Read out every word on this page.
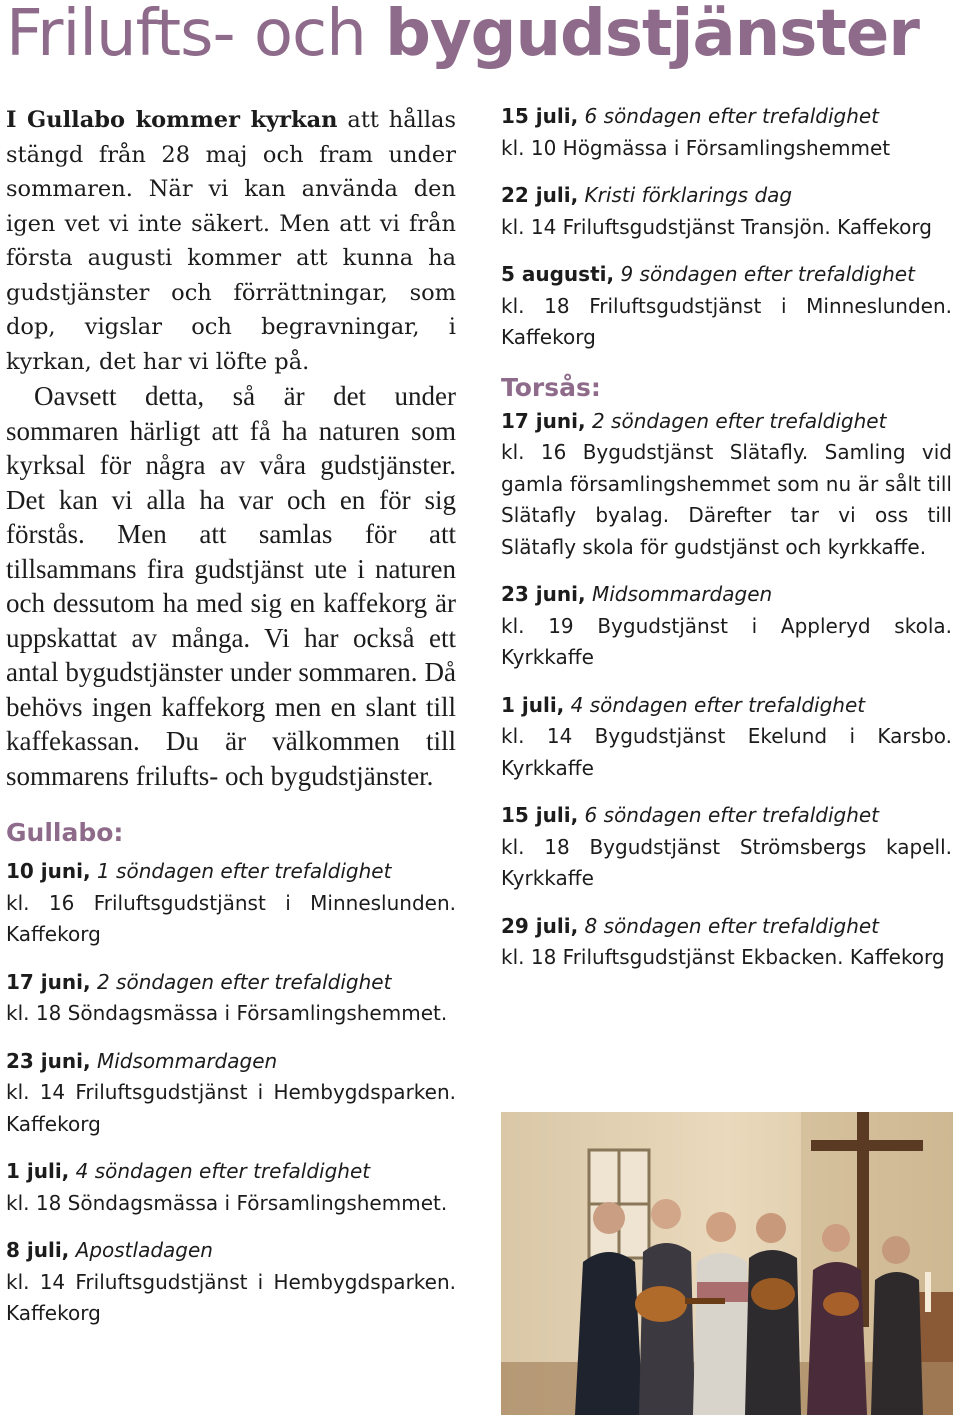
Frilufts- och bygudstjänster

I Gullabo kommer kyrkan att hållas stängd från 28 maj och fram under sommaren. När vi kan använda den igen vet vi inte säkert. Men att vi från första augusti kommer att kunna ha gudstjänster och förrättningar, som dop, vigslar och begravningar, i kyrkan, det har vi löfte på.

Oavsett detta, så är det under sommaren härligt att få ha naturen som kyrksal för några av våra gudstjänster. Det kan vi alla ha var och en för sig förstås. Men att samlas för att tillsammans fira gudstjänst ute i naturen och dessutom ha med sig en kaffekorg är uppskattat av många. Vi har också ett antal bygudstjänster under sommaren. Då behövs ingen kaffekorg men en slant till kaffekassan. Du är välkommen till sommarens frilufts- och bygudstjänster.

Gullabo:

10 juni, 1 söndagen efter trefaldighet

kl. 16 Friluftsgudstjänst i Minneslunden. Kaffekorg

17 juni, 2 söndagen efter trefaldighet

kl. 18 Söndagsmässa i Församlingshemmet.

23 juni, Midsommardagen

kl. 14 Friluftsgudstjänst i Hembygdsparken. Kaffekorg

1 juli, 4 söndagen efter trefaldighet

kl. 18 Söndagsmässa i Församlingshemmet.

8 juli, Apostladagen

kl. 14 Friluftsgudstjänst i Hembygdsparken. Kaffekorg

15 juli, 6 söndagen efter trefaldighet

kl. 10 Högmässa i Församlingshemmet

22 juli, Kristi förklarings dag

kl. 14 Friluftsgudstjänst Transjön. Kaffekorg

5 augusti, 9 söndagen efter trefaldighet

kl. 18 Friluftsgudstjänst i Minneslunden. Kaffekorg

Torsås:

17 juni, 2 söndagen efter trefaldighet

kl. 16 Bygudstjänst Slätafly. Samling vid gamla församlingshemmet som nu är sålt till Slätafly byalag. Därefter tar vi oss till Slätafly skola för gudstjänst och kyrkkaffe.

23 juni, Midsommardagen

kl. 19 Bygudstjänst i Appleryd skola. Kyrkkaffe

1 juli, 4 söndagen efter trefaldighet

kl. 14 Bygudstjänst Ekelund i Karsbo. Kyrkkaffe

15 juli, 6 söndagen efter trefaldighet

kl. 18 Bygudstjänst Strömsbergs kapell. Kyrkkaffe

29 juli, 8 söndagen efter trefaldighet

kl. 18 Friluftsgudstjänst Ekbacken. Kaffekorg
